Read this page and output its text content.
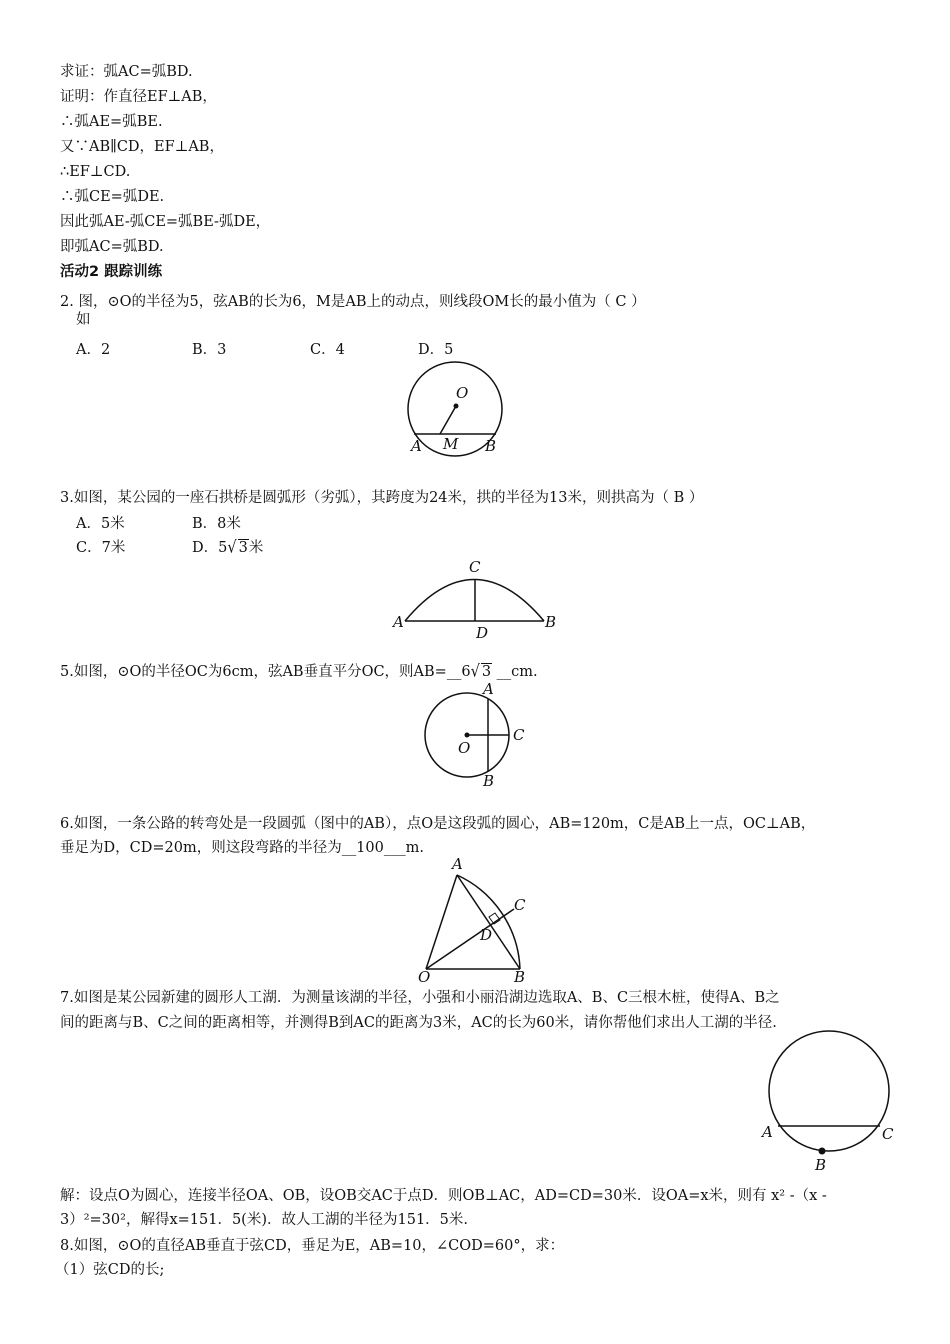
求证：弧AC=弧BD.
证明：作直径EF⊥AB，
∴弧AE=弧BE.
又∵AB∥CD，EF⊥AB，
∴EF⊥CD.
∴弧CE=弧DE.
因此弧AE-弧CE=弧BE-弧DE，
即弧AC=弧BD.
活动2 跟踪训练
2. 图，⊙O的半径为5，弦AB的长为6，M是AB上的动点，则线段OM长的最小值为（ C ）
如
A．2	B．3	C．4	D．5
O
A M B
3.如图，某公园的一座石拱桥是圆弧形（劣弧），其跨度为24米，拱的半径为13米，则拱高为（ B ）
A．5米	B．8米
C．7米	D．5√ 3米
C
A	B
D
5.如图，⊙O的半径OC为6cm，弦AB垂直平分OC，则AB=__6√ 3 __cm.
A
C
O
B
6.如图，一条公路的转弯处是一段圆弧（图中的AB），点O是这段弧的圆心，AB=120m，C是AB上一点，OC⊥AB，
垂足为D，CD=20m，则这段弯路的半径为__100___m.
A
C
D
O	B
7.如图是某公园新建的圆形人工湖．为测量该湖的半径，小强和小丽沿湖边选取A、B、C三根木桩，使得A、B之
间的距离与B、C之间的距离相等，并测得B到AC的距离为3米，AC的长为60米，请你帮他们求出人工湖的半径.
A	C
B
解：设点O为圆心，连接半径OA、OB，设OB交AC于点D．则OB⊥AC，AD=CD=30米．设OA=x米，则有 x² -（x -
3）²=30²，解得x=151．5(米)．故人工湖的半径为151．5米.
8.如图，⊙O的直径AB垂直于弦CD，垂足为E，AB=10，∠COD=60°，求：
（1）弦CD的长;
